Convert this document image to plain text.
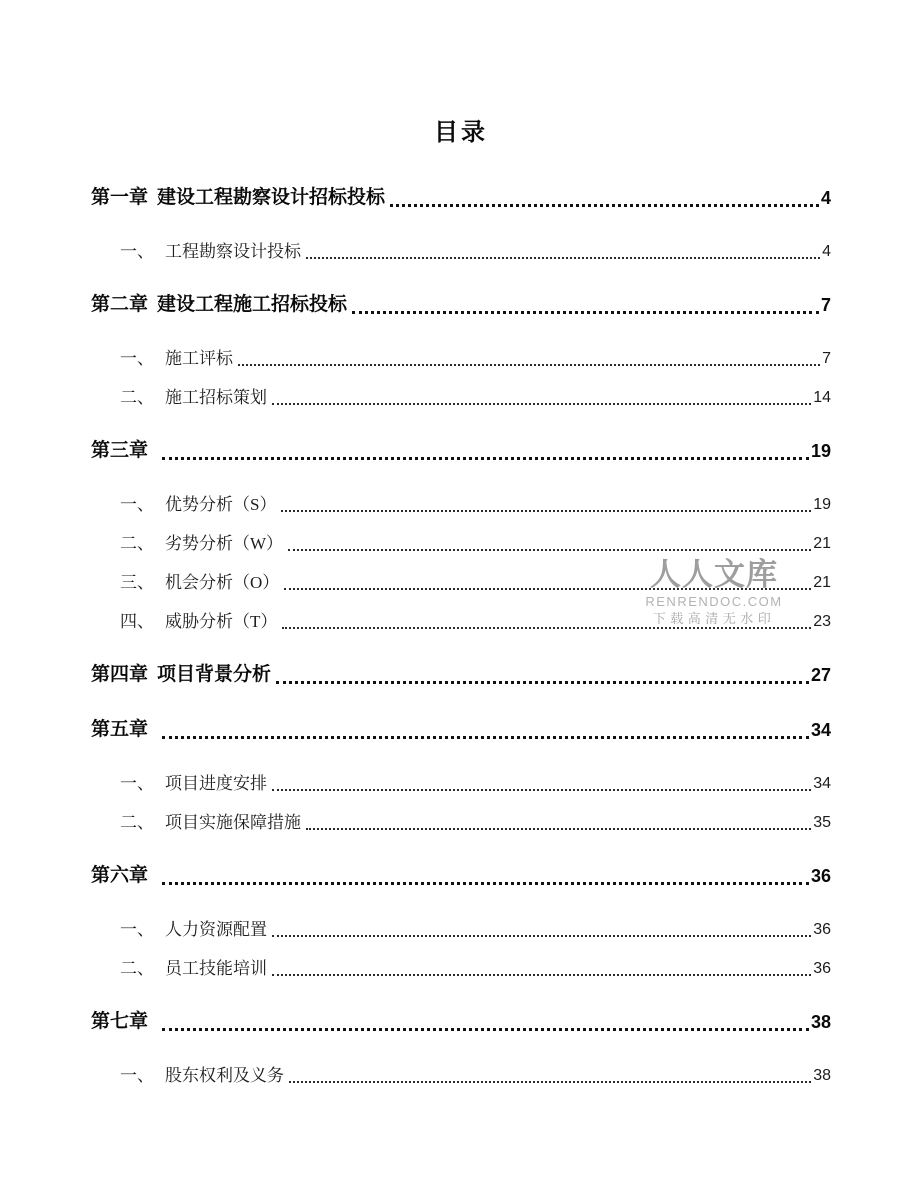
人人文库
RENRENDOC.COM
下载高清无水印
目录
第一章 建设工程勘察设计招标投标	4
一、 工程勘察设计投标	4
第二章 建设工程施工招标投标	7
一、 施工评标	7
二、 施工招标策划	14
第三章	19
一、 优势分析（S）	19
二、 劣势分析（W）	21
三、 机会分析（O）	21
四、 威胁分析（T）	23
第四章 项目背景分析	27
第五章	34
一、 项目进度安排	34
二、 项目实施保障措施	35
第六章	36
一、 人力资源配置	36
二、 员工技能培训	36
第七章	38
一、 股东权利及义务	38
